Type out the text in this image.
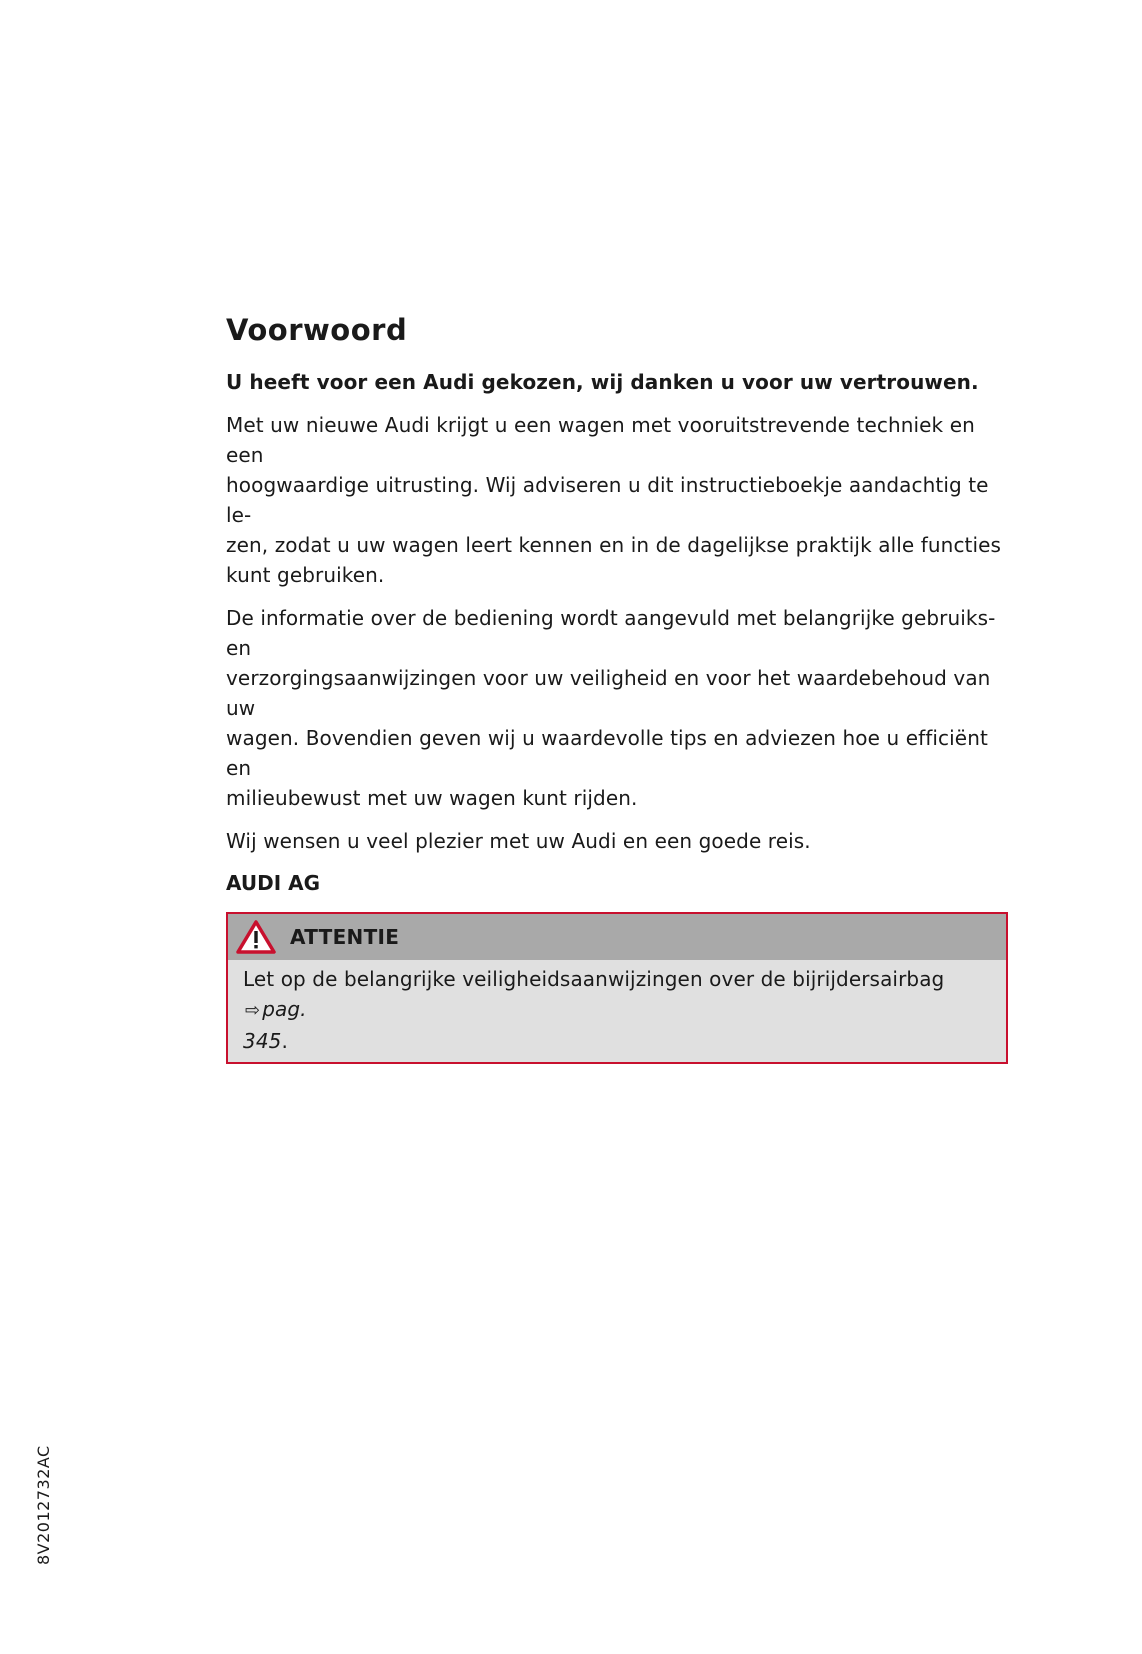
Voorwoord
U heeft voor een Audi gekozen, wij danken u voor uw vertrouwen.

Met uw nieuwe Audi krijgt u een wagen met vooruitstrevende techniek en een
hoogwaardige uitrusting. Wij adviseren u dit instructieboekje aandachtig te le-
zen, zodat u uw wagen leert kennen en in de dagelijkse praktijk alle functies
kunt gebruiken.

De informatie over de bediening wordt aangevuld met belangrijke gebruiks- en
verzorgingsaanwijzingen voor uw veiligheid en voor het waardebehoud van uw
wagen. Bovendien geven wij u waardevolle tips en adviezen hoe u efficiënt en
milieubewust met uw wagen kunt rijden.

Wij wensen u veel plezier met uw Audi en een goede reis.

AUDI AG
ATTENTIE
Let op de belangrijke veiligheidsaanwijzingen over de bijrijdersairbag ⇨ pag.
345.
8V2012732AC
